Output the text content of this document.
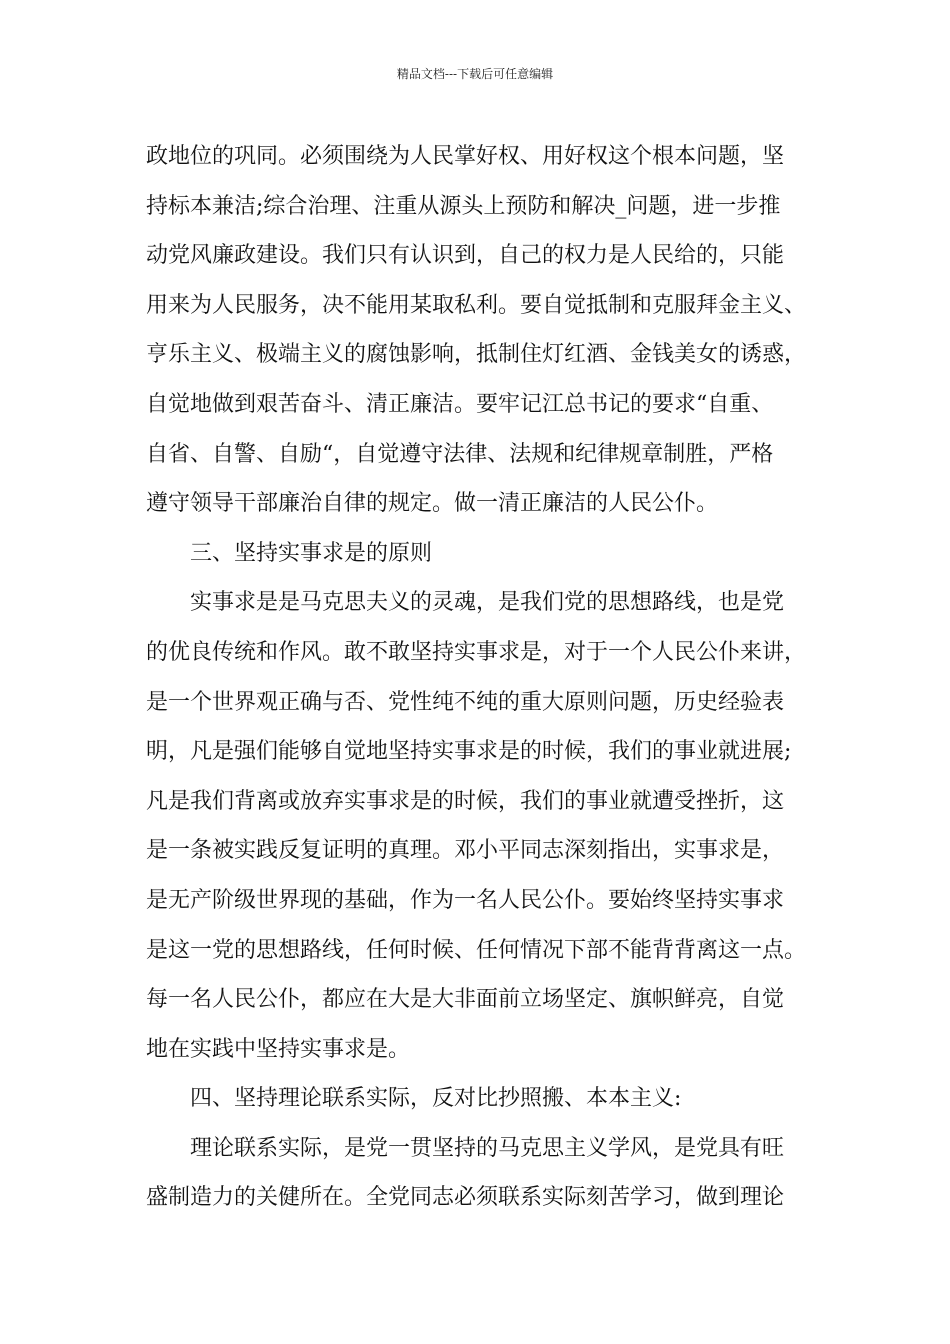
精品文档---下载后可任意编辑
政地位的巩同。必须围绕为人民掌好权、用好权这个根本问题，坚
持标本兼洁;综合治理、注重从源头上预防和解决_问题，进一步推
动党风廉政建设。我们只有认识到，自己的权力是人民给的，只能
用来为人民服务，决不能用某取私利。要自觉抵制和克服拜金主义、
亨乐主义、极端主义的腐蚀影响，抵制住灯红酒、金钱美女的诱惑，
自觉地做到艰苦奋斗、清正廉洁。要牢记江总书记的要求“自重、
自省、自警、自励“，自觉遵守法律、法规和纪律规章制胜，严格
遵守领导干部廉治自律的规定。做一清正廉洁的人民公仆。
三、坚持实事求是的原则
实事求是是马克思夫义的灵魂，是我们党的思想路线，也是党
的优良传统和作风。敢不敢坚持实事求是，对于一个人民公仆来讲，
是一个世界观正确与否、党性纯不纯的重大原则问题，历史经验表
明，凡是强们能够自觉地坚持实事求是的时候，我们的事业就进展;
凡是我们背离或放弃实事求是的时候，我们的事业就遭受挫折，这
是一条被实践反复证明的真理。邓小平同志深刻指出，实事求是，
是无产阶级世界现的基础，作为一名人民公仆。要始终坚持实事求
是这一党的思想路线，任何时候、任何情况下部不能背背离这一点。
每一名人民公仆，都应在大是大非面前立场坚定、旗帜鲜亮，自觉
地在实践中坚持实事求是。
四、坚持理论联系实际，反对比抄照搬、本本主义:
理论联系实际，是党一贯坚持的马克思主义学风，是党具有旺
盛制造力的关健所在。全党同志必须联系实际刻苦学习，做到理论
